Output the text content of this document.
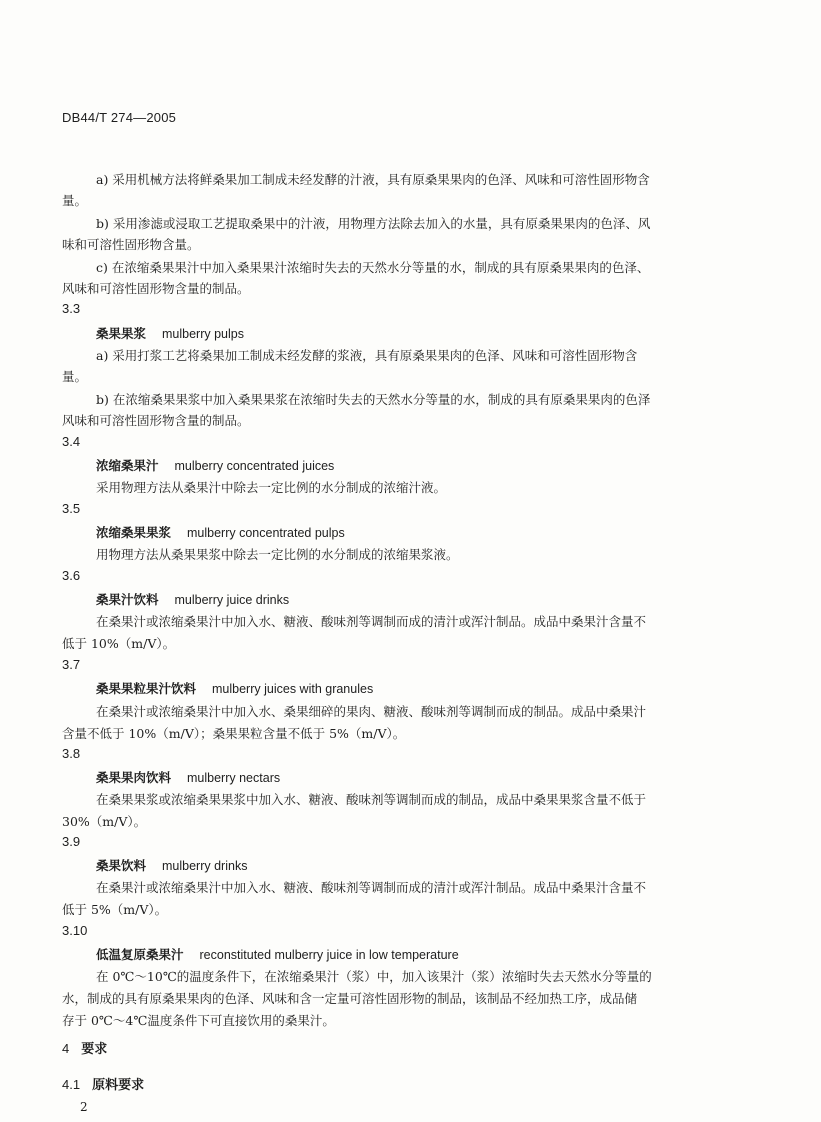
DB44/T 274—2005
a) 采用机械方法将鲜桑果加工制成未经发酵的汁液，具有原桑果果肉的色泽、风味和可溶性固形物含
量。
b) 采用渗滤或浸取工艺提取桑果中的汁液，用物理方法除去加入的水量，具有原桑果果肉的色泽、风
味和可溶性固形物含量。
c) 在浓缩桑果果汁中加入桑果果汁浓缩时失去的天然水分等量的水，制成的具有原桑果果肉的色泽、
风味和可溶性固形物含量的制品。
3.3
桑果果浆 mulberry pulps
a) 采用打浆工艺将桑果加工制成未经发酵的浆液，具有原桑果果肉的色泽、风味和可溶性固形物含
量。
b) 在浓缩桑果果浆中加入桑果果浆在浓缩时失去的天然水分等量的水，制成的具有原桑果果肉的色泽
风味和可溶性固形物含量的制品。
3.4
浓缩桑果汁 mulberry concentrated juices
采用物理方法从桑果汁中除去一定比例的水分制成的浓缩汁液。
3.5
浓缩桑果果浆 mulberry concentrated pulps
用物理方法从桑果果浆中除去一定比例的水分制成的浓缩果浆液。
3.6
桑果汁饮料 mulberry juice drinks
在桑果汁或浓缩桑果汁中加入水、糖液、酸味剂等调制而成的清汁或浑汁制品。成品中桑果汁含量不
低于 10%（m/V）。
3.7
桑果果粒果汁饮料 mulberry juices with granules
在桑果汁或浓缩桑果汁中加入水、桑果细碎的果肉、糖液、酸味剂等调制而成的制品。成品中桑果汁
含量不低于 10%（m/V）；桑果果粒含量不低于 5%（m/V）。
3.8
桑果果肉饮料 mulberry nectars
在桑果果浆或浓缩桑果果浆中加入水、糖液、酸味剂等调制而成的制品，成品中桑果果浆含量不低于
30%（m/V）。
3.9
桑果饮料 mulberry drinks
在桑果汁或浓缩桑果汁中加入水、糖液、酸味剂等调制而成的清汁或浑汁制品。成品中桑果汁含量不
低于 5%（m/V）。
3.10
低温复原桑果汁 reconstituted mulberry juice in low temperature
在 0℃～10℃的温度条件下，在浓缩桑果汁（浆）中，加入该果汁（浆）浓缩时失去天然水分等量的
水，制成的具有原桑果果肉的色泽、风味和含一定量可溶性固形物的制品，该制品不经加热工序，成品储
存于 0℃～4℃温度条件下可直接饮用的桑果汁。
4 要求
4.1 原料要求
2
